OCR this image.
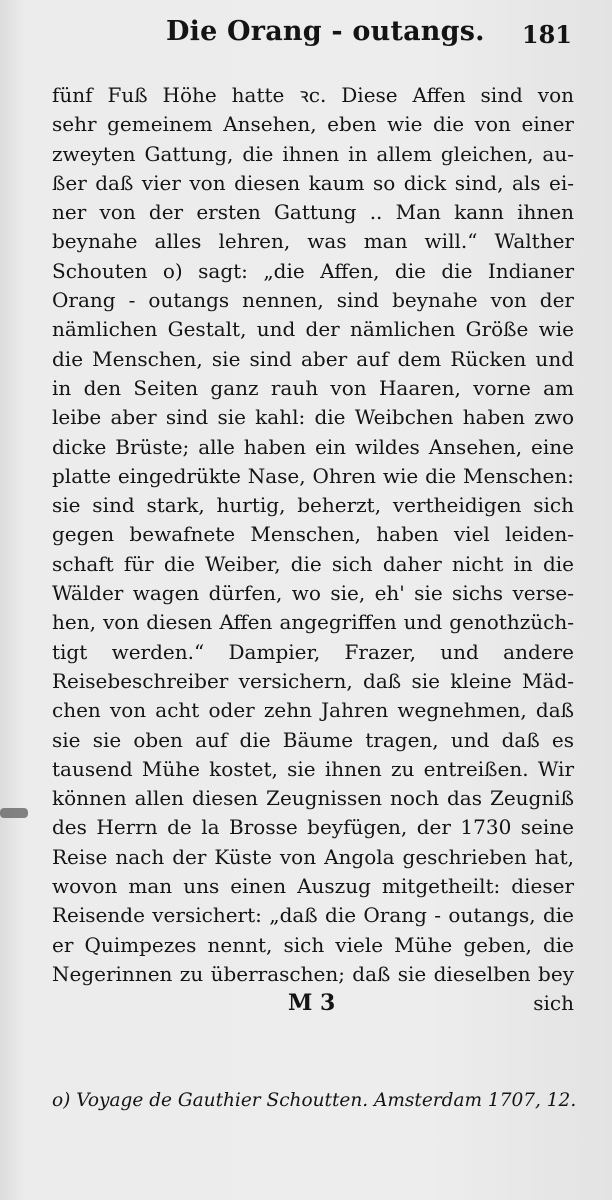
Die Orang - outangs. 181
fünf Fuß Höhe hatte ꝛc. Diese Affen sind von
sehr gemeinem Ansehen, eben wie die von einer
zweyten Gattung, die ihnen in allem gleichen, au-
ßer daß vier von diesen kaum so dick sind, als ei-
ner von der ersten Gattung .. Man kann ihnen
beynahe alles lehren, was man will.“ Walther
Schouten o) sagt: „die Affen, die die Indianer
Orang - outangs nennen, sind beynahe von der
nämlichen Gestalt, und der nämlichen Größe wie
die Menschen, sie sind aber auf dem Rücken und
in den Seiten ganz rauh von Haaren, vorne am
leibe aber sind sie kahl: die Weibchen haben zwo
dicke Brüste; alle haben ein wildes Ansehen, eine
platte eingedrükte Nase, Ohren wie die Menschen:
sie sind stark, hurtig, beherzt, vertheidigen sich
gegen bewafnete Menschen, haben viel leiden-
schaft für die Weiber, die sich daher nicht in die
Wälder wagen dürfen, wo sie, eh' sie sichs verse-
hen, von diesen Affen angegriffen und genothzüch-
tigt werden.“ Dampier, Frazer, und andere
Reisebeschreiber versichern, daß sie kleine Mäd-
chen von acht oder zehn Jahren wegnehmen, daß
sie sie oben auf die Bäume tragen, und daß es
tausend Mühe kostet, sie ihnen zu entreißen. Wir
können allen diesen Zeugnissen noch das Zeugniß
des Herrn de la Brosse beyfügen, der 1730 seine
Reise nach der Küste von Angola geschrieben hat,
wovon man uns einen Auszug mitgetheilt: dieser
Reisende versichert: „daß die Orang - outangs, die
er Quimpezes nennt, sich viele Mühe geben, die
Negerinnen zu überraschen; daß sie dieselben bey
M 3	sich
o) Voyage de Gauthier Schoutten. Amsterdam 1707, 12.
